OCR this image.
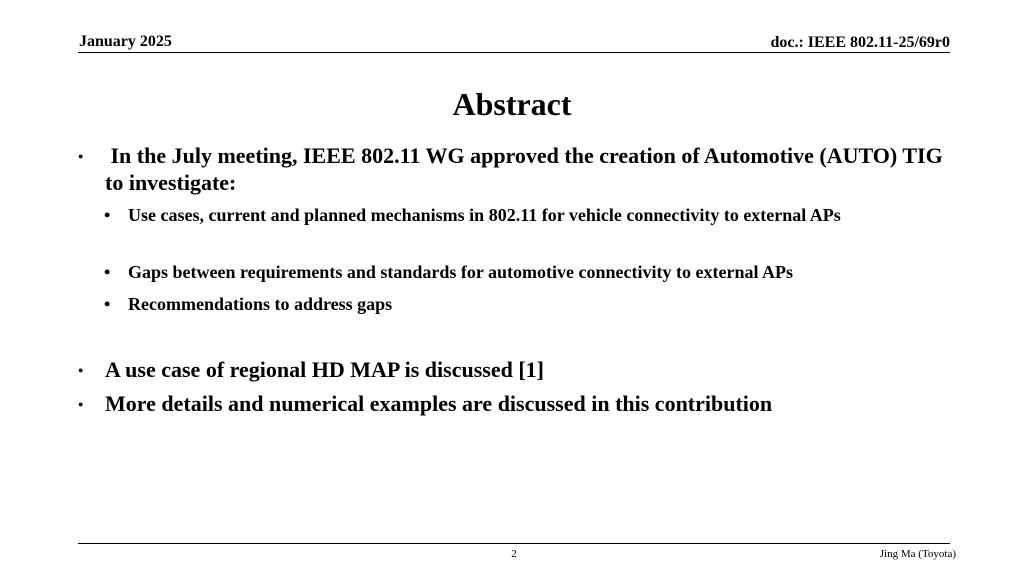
January 2025	doc.: IEEE 802.11-25/69r0
Abstract
● In the July meeting, IEEE 802.11 WG approved the creation of Automotive (AUTO) TIG to investigate:
• Use cases, current and planned mechanisms in 802.11 for vehicle connectivity to external APs
• Gaps between requirements and standards for automotive connectivity to external APs
• Recommendations to address gaps
● A use case of regional HD MAP is discussed [1]
● More details and numerical examples are discussed in this contribution
2	Jing Ma (Toyota)
